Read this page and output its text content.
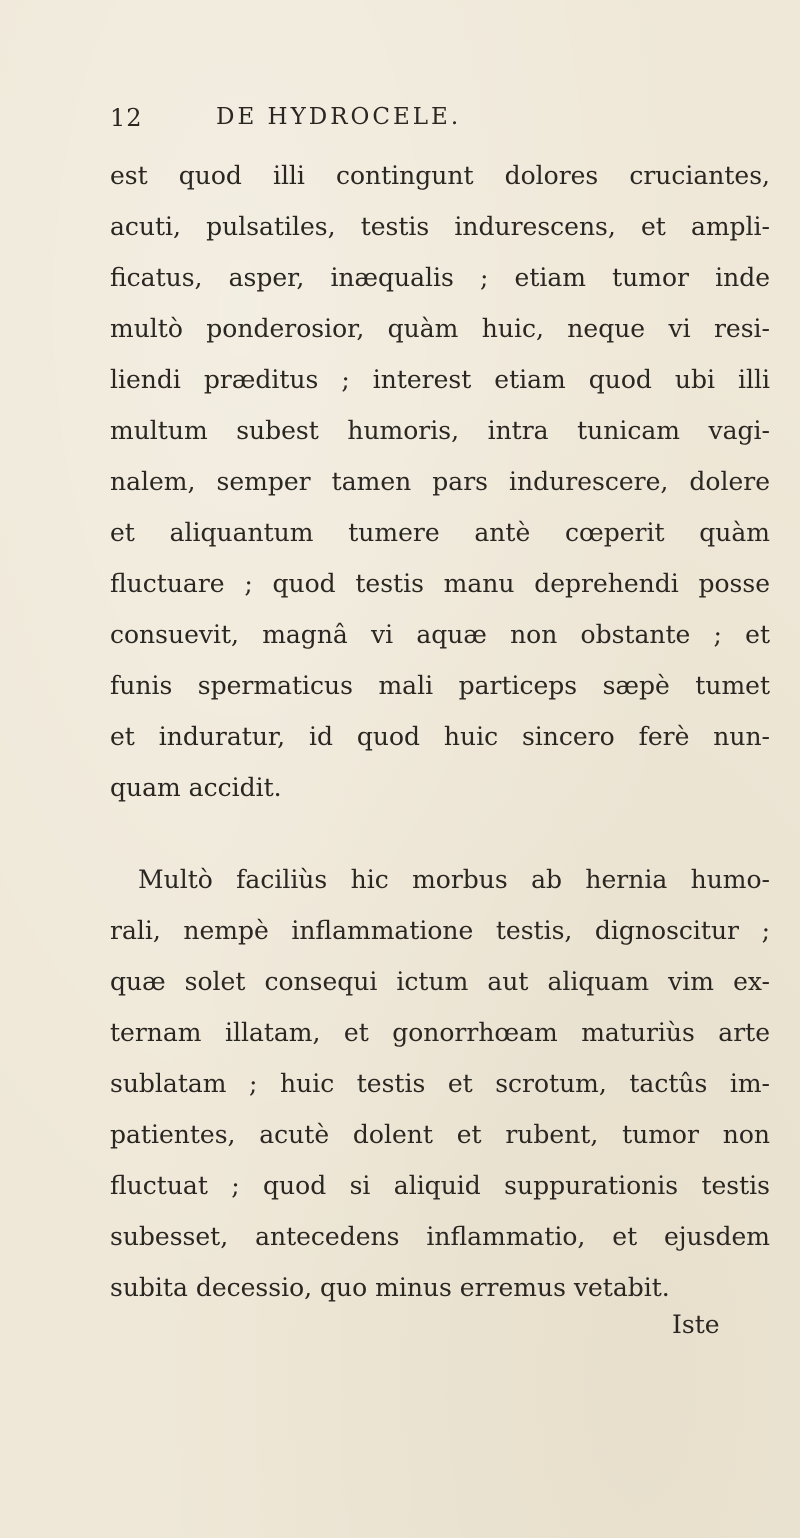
12	DE HYDROCELE.
est quod illi contingunt dolores cruciantes,
acuti, pulsatiles, testis indurescens, et ampli-
ficatus, asper, inæqualis ; etiam tumor inde
multò ponderosior, quàm huic, neque vi resi-
liendi præditus ; interest etiam quod ubi illi
multum subest humoris, intra tunicam vagi-
nalem, semper tamen pars indurescere, dolere
et aliquantum tumere antè cœperit quàm
fluctuare ; quod testis manu deprehendi posse
consuevit, magnâ vi aquæ non obstante ; et
funis spermaticus mali particeps sæpè tumet
et induratur, id quod huic sincero ferè nun-
quam accidit.
Multò faciliùs hic morbus ab hernia humo-
rali, nempè inflammatione testis, dignoscitur ;
quæ solet consequi ictum aut aliquam vim ex-
ternam illatam, et gonorrhœam maturiùs arte
sublatam ; huic testis et scrotum, tactûs im-
patientes, acutè dolent et rubent, tumor non
fluctuat ; quod si aliquid suppurationis testis
subesset, antecedens inflammatio, et ejusdem
subita decessio, quo minus erremus vetabit.
Iste
